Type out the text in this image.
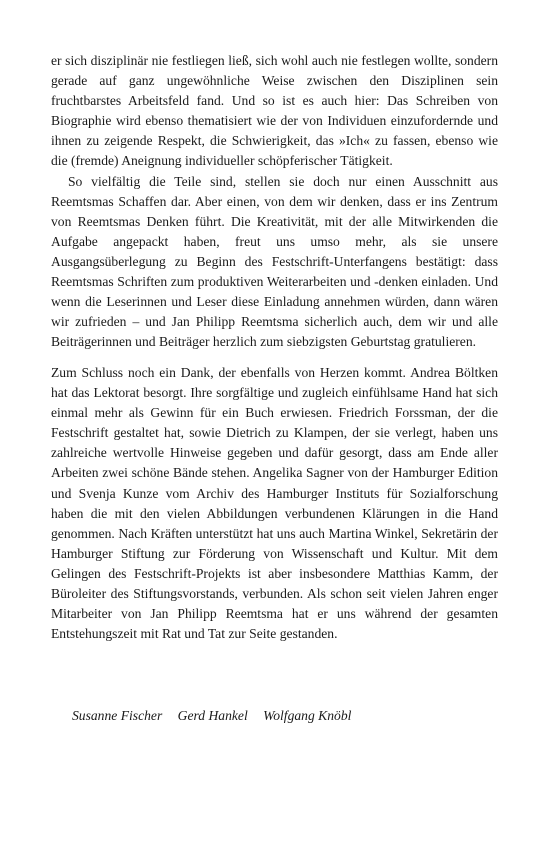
er sich disziplinär nie festliegen ließ, sich wohl auch nie festlegen wollte, sondern gerade auf ganz ungewöhnliche Weise zwischen den Disziplinen sein fruchtbarstes Arbeitsfeld fand. Und so ist es auch hier: Das Schreiben von Biographie wird ebenso thematisiert wie der von Individuen einzufordernde und ihnen zu zeigende Respekt, die Schwierigkeit, das »Ich« zu fassen, ebenso wie die (fremde) Aneignung individueller schöpferischer Tätigkeit.

So vielfältig die Teile sind, stellen sie doch nur einen Ausschnitt aus Reemtsmas Schaffen dar. Aber einen, von dem wir denken, dass er ins Zentrum von Reemtsmas Denken führt. Die Kreativität, mit der alle Mitwirkenden die Aufgabe angepackt haben, freut uns umso mehr, als sie unsere Ausgangsüberlegung zu Beginn des Festschrift-Unterfangens bestätigt: dass Reemtsmas Schriften zum produktiven Weiterarbeiten und -denken einladen. Und wenn die Leserinnen und Leser diese Einladung annehmen würden, dann wären wir zufrieden – und Jan Philipp Reemtsma sicherlich auch, dem wir und alle Beiträgerinnen und Beiträger herzlich zum siebzigsten Geburtstag gratulieren.

Zum Schluss noch ein Dank, der ebenfalls von Herzen kommt. Andrea Böltken hat das Lektorat besorgt. Ihre sorgfältige und zugleich einfühlsame Hand hat sich einmal mehr als Gewinn für ein Buch erwiesen. Friedrich Forssman, der die Festschrift gestaltet hat, sowie Dietrich zu Klampen, der sie verlegt, haben uns zahlreiche wertvolle Hinweise gegeben und dafür gesorgt, dass am Ende aller Arbeiten zwei schöne Bände stehen. Angelika Sagner von der Hamburger Edition und Svenja Kunze vom Archiv des Hamburger Instituts für Sozialforschung haben die mit den vielen Abbildungen verbundenen Klärungen in die Hand genommen. Nach Kräften unterstützt hat uns auch Martina Winkel, Sekretärin der Hamburger Stiftung zur Förderung von Wissenschaft und Kultur. Mit dem Gelingen des Festschrift-Projekts ist aber insbesondere Matthias Kamm, der Büroleiter des Stiftungsvorstands, verbunden. Als schon seit vielen Jahren enger Mitarbeiter von Jan Philipp Reemtsma hat er uns während der gesamten Entstehungszeit mit Rat und Tat zur Seite gestanden.

Susanne Fischer Gerd Hankel Wolfgang Knöbl
